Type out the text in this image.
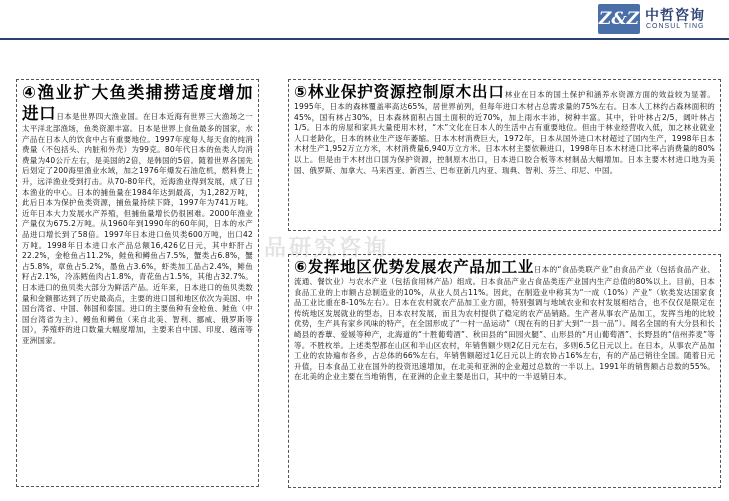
Z&Z 中哲咨询
CONSUL TING
品研究咨询
④渔业扩大鱼类捕捞适度增加进口日本是世界四大渔业国。在日本近海有世界三大渔场之一太平洋北部渔场，鱼类资源丰富。日本是世界上食鱼最多的国家，水产品在日本人的饮食中占有重要地位。1997年度每人每天食的纯消费量（不包括头、内脏和外壳）为99克。80年代日本的鱼类人均消费量为40公斤左右，是美国的2倍，是韩国的5倍。随着世界各国先后划定了200海里渔业水域，加之1976年爆发石油危机，燃料费上升，远洋渔业受到打击。从70-80年代，近海渔业得到发展，成了日本渔业的中心。日本的捕鱼量在1984年达到最高，为1,282万吨，此后日本为保护鱼类资源，捕鱼量持续下降，1997年为741万吨。近年日本大力发展水产养殖，但捕鱼量增长仍很困难。2000年渔业产量仅为675.2万吨。从1960年到1990年的60年间，日本的水产品进口增长到了58倍。1997年日本进口鱼贝类600万吨，出口42万吨。1998年日本进口水产品总额16,426亿日元，其中虾肝占22.2%，金枪鱼占11.2%，鲑鱼和鳟鱼占7.5%，蟹类占6.8%，蟹占5.8%，章鱼占5.2%，墨鱼占3.6%，虾类加工品占2.4%，鲱鱼籽占2.1%，冷冻鳕鱼肉占1.8%，青花鱼占1.5%，其他占32.7%。日本进口的鱼贝类大部分为鲜活产品。近年来，日本进口的鱼贝类数量和金额都达到了历史最高点，主要的进口国和地区依次为美国、中国台湾省、中国、韩国和泰国。进口的主要鱼种有金枪鱼、鲑鱼（中国台湾省为主）、鳗鱼和鳟鱼（来自北美、智利、挪威、俄罗斯等国），养殖虾的进口数量大幅度增加，主要来自中国、印度、越南等亚洲国家。
⑤林业保护资源控制原木出口林业在日本的国土保护和涵养水资源方面的效益较为显著。1995年，日本的森林覆盖率高达65%，居世界前列，但每年进口木材占总需求量的75%左右。日本人工林约占森林面积的45%，国有林占30%，日本森林面积占国土面积的近70%，加上雨水丰沛，树种丰富。其中，针叶林占2/5，阔叶林占1/5。日本的房屋和家具大量使用木材，“木”文化在日本人的生活中占有重要地位。但由于林业经营收入低，加之林业就业人口老龄化，日本的林业生产逐年萎缩。日本木材消费巨大，1972年，日本从国外进口木材超过了国内生产，1998年日本木材生产1,952万立方米，木材消费量6,940万立方米。日本木材主要依赖进口，1998年日本木材进口比率占消费量的80%以上。但是由于木材出口国为保护资源，控制原木出口，日本进口胶合板等木材制品大幅增加。日本主要木材进口地为美国、俄罗斯、加拿大、马来西亚、新西兰、巴布亚新几内亚、瑞典、智利、芬兰、印尼、中国。
⑥发挥地区优势发展农产品加工业日本的“食品类联产业”由食品产业（包括食品产业、流通、餐饮业）与农水产业（包括食用林产品）组成。日本食品产业占食品类连产业国内生产总值的80%以上。目前，日本食品工业的上市额占总制造业的10%，从业人员占11%。因此，在制造业中称其为“一成（10%）产业”（软类发达国家食品工业比重在8-10%左右）。日本在农村就农产品加工业方面，特别强调与地域农业和农村发展相结合，也不仅仅是限定在传统地区发展就业的型态，日本农村发展，而且为农村提供了稳定的农产品销路。生产者从事农产品加工，发挥当地的比较优势，生产具有家乡风味的特产，在全国形成了“一村一品运动”（现在有的日扩大到“一县一品”）。闻名全国的有大分县和长崎县的香蕈、爱媛等种产，北海道的“十胜葡萄酒”、秋田县的“田园火腿”、山形县的“月山葡萄酒”、长野县的“信州荞麦”等等。不胜枚举。上述类型都在山区和半山区农村，年销售额少则2亿日元左右，多则6.5亿日元以上。在日本，从事农产品加工业的农协遍布各乡，占总体的66%左右，年销售额超过1亿日元以上的农协占16%左右，有的产品已销往全国。随着日元升值，日本食品工业在国外的投资迅速增加，在北美和亚洲的企业超过总数的一半以上。1991年的销售额占总数的55%。在北美的企业主要在当地销售，在亚洲的企业主要是出口，其中的一半返销日本。
